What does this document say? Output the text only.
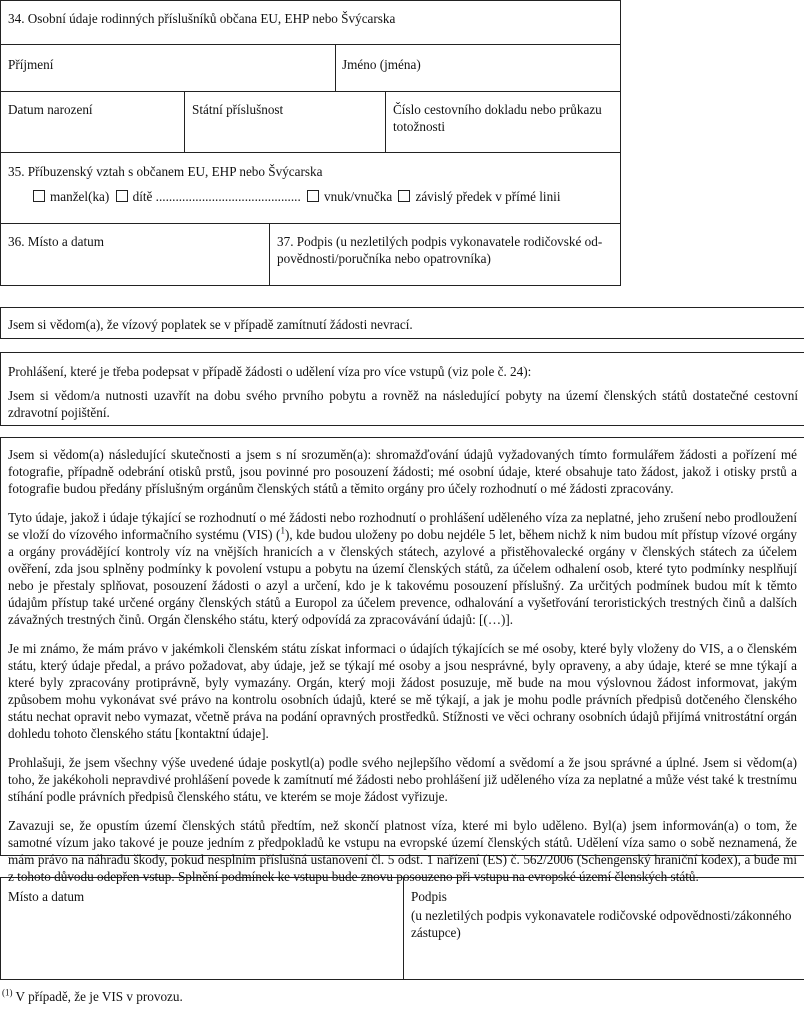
34. Osobní údaje rodinných příslušníků občana EU, EHP nebo Švýcarska
Příjmení	Jméno (jména)
Datum narození	Státní příslušnost	Číslo cestovního dokladu nebo průkazu
totožnosti
35. Příbuzenský vztah s občanem EU, EHP nebo Švýcarska
manžel(ka) dítě ............................................ vnuk/vnučka závislý předek v přímé linii
36. Místo a datum	37. Podpis (u nezletilých podpis vykonavatele rodičovské od-
povědnosti/poručníka nebo opatrovníka)
Jsem si vědom(a), že vízový poplatek se v případě zamítnutí žádosti nevrací.
Prohlášení, které je třeba podepsat v případě žádosti o udělení víza pro více vstupů (viz pole č. 24):
Jsem si vědom/a nutnosti uzavřít na dobu svého prvního pobytu a rovněž na následující pobyty na území členských států dostatečné cestovní zdravotní pojištění.

Jsem si vědom(a) následující skutečnosti a jsem s ní srozuměn(a): shromažďování údajů vyžadovaných tímto formulářem žádosti a pořízení mé fotografie, případně odebrání otisků prstů, jsou povinné pro posouzení žádosti; mé osobní údaje, které obsahuje tato žádost, jakož i otisky prstů a fotografie budou předány příslušným orgánům členských států a těmito orgány pro účely rozhodnutí o mé žádosti zpracovány.

Tyto údaje, jakož i údaje týkající se rozhodnutí o mé žádosti nebo rozhodnutí o prohlášení uděleného víza za neplatné, jeho zrušení nebo prodloužení se vloží do vízového informačního systému (VIS) ($^1$), kde budou uloženy po dobu nejdéle 5 let, během nichž k nim budou mít přístup vízové orgány a orgány provádějící kontroly víz na vnějších hranicích a v členských státech, azylové a přistěhovalecké orgány v členských státech za účelem ověření, zda jsou splněny podmínky k povolení vstupu a pobytu na území členských států, za účelem odhalení osob, které tyto podmínky nesplňují nebo je přestaly splňovat, posouzení žádosti o azyl a určení, kdo je k takovému posouzení příslušný. Za určitých podmínek budou mít k těmto údajům přístup také určené orgány členských států a Europol za účelem prevence, odhalování a vyšetřování teroristických trestných činů a dalších závažných trestných činů. Orgán členského státu, který odpovídá za zpracovávání údajů: [(…)].

Je mi známo, že mám právo v jakémkoli členském státu získat informaci o údajích týkajících se mé osoby, které byly vloženy do VIS, a o členském státu, který údaje předal, a právo požadovat, aby údaje, jež se týkají mé osoby a jsou nesprávné, byly opraveny, a aby údaje, které se mne týkají a které byly zpracovány protiprávně, byly vymazány. Orgán, který moji žádost posuzuje, mě bude na mou výslovnou žádost informovat, jakým způsobem mohu vykonávat své právo na kontrolu osobních údajů, které se mě týkají, a jak je mohu podle právních předpisů dotčeného členského státu nechat opravit nebo vymazat, včetně práva na podání opravných prostředků. Stížnosti ve věci ochrany osobních údajů přijímá vnitrostátní orgán dohledu tohoto členského státu [kontaktní údaje].

Prohlašuji, že jsem všechny výše uvedené údaje poskytl(a) podle svého nejlepšího vědomí a svědomí a že jsou správné a úplné. Jsem si vědom(a) toho, že jakékoholi nepravdivé prohlášení povede k zamítnutí mé žádosti nebo prohlášení již uděleného víza za neplatné a může vést také k trestnímu stíhání podle právních předpisů členského státu, ve kterém se moje žádost vyřizuje.

Zavazuji se, že opustím území členských států předtím, než skončí platnost víza, které mi bylo uděleno. Byl(a) jsem informován(a) o tom, že samotné vízum jako takové je pouze jedním z předpokladů ke vstupu na evropské území členských států. Udělení víza samo o sobě neznamená, že mám právo na náhradu škody, pokud nesplním příslušná ustanovení čl. 5 odst. 1 nařízení (ES) č. 562/2006 (Schengenský hraniční kodex), a bude mi z tohoto důvodu odepřen vstup. Splnění podmínek ke vstupu bude znovu posouzeno při vstupu na evropské území členských států.

Místo a datum	Podpis
(u nezletilých podpis vykonavatele rodičovské odpovědnosti/zákonného zástupce)
$^{(1)}$ V případě, že je VIS v provozu.
